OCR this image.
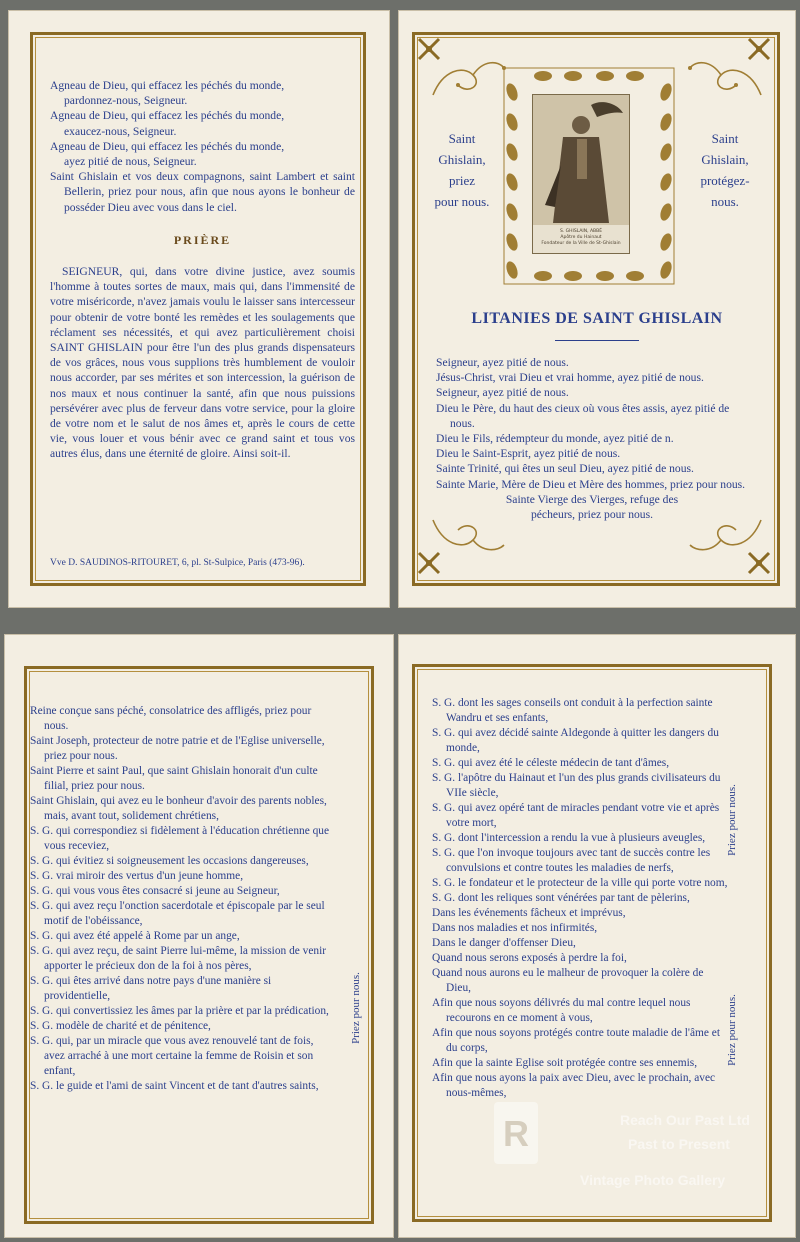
Agneau de Dieu, qui effacez les péchés du monde,

pardonnez-nous, Seigneur.

Agneau de Dieu, qui effacez les péchés du monde,

exaucez-nous, Seigneur.

Agneau de Dieu, qui effacez les péchés du monde,

ayez pitié de nous, Seigneur.

Saint Ghislain et vos deux compagnons, saint Lambert et saint Bellerin, priez pour nous, afin que nous ayons le bonheur de posséder Dieu avec vous dans le ciel.

PRIÈRE

SEIGNEUR, qui, dans votre divine justice, avez soumis l'homme à toutes sortes de maux, mais qui, dans l'immensité de votre miséricorde, n'avez jamais voulu le laisser sans intercesseur pour obtenir de votre bonté les remèdes et les soulagements que réclament ses nécessités, et qui avez particulièrement choisi SAINT GHISLAIN pour être l'un des plus grands dispensateurs de vos grâces, nous vous supplions très humblement de vouloir nous accorder, par ses mérites et son intercession, la guérison de nos maux et nous continuer la santé, afin que nous puissions persévérer avec plus de ferveur dans votre service, pour la gloire de votre nom et le salut de nos âmes et, après le cours de cette vie, vous louer et vous bénir avec ce grand saint et tous vos autres élus, dans une éternité de gloire. Ainsi soit-il.

Vve D. SAUDINOS-RITOURET, 6, pl. St-Sulpice, Paris (473-96).
Saint
Ghislain,
priez
pour nous.
Saint
Ghislain,
protégez-
nous.
S. GHISLAIN, ABBÉ
Apôtre du Hainaut
Fondateur de la Ville de St-Ghislain
LITANIES DE SAINT GHISLAIN

Seigneur, ayez pitié de nous.

Jésus-Christ, vrai Dieu et vrai homme, ayez pitié de nous.

Seigneur, ayez pitié de nous.

Dieu le Père, du haut des cieux où vous êtes assis, ayez pitié de nous.

Dieu le Fils, rédempteur du monde, ayez pitié de n.

Dieu le Saint-Esprit, ayez pitié de nous.

Sainte Trinité, qui êtes un seul Dieu, ayez pitié de nous.

Sainte Marie, Mère de Dieu et Mère des hommes, priez pour nous.

Sainte Vierge des Vierges, refuge des pécheurs, priez pour nous.

Reine conçue sans péché, consolatrice des affligés, priez pour nous.

Saint Joseph, protecteur de notre patrie et de l'Eglise universelle, priez pour nous.

Saint Pierre et saint Paul, que saint Ghislain honorait d'un culte filial, priez pour nous.

Saint Ghislain, qui avez eu le bonheur d'avoir des parents nobles, mais, avant tout, solidement chrétiens,

S. G. qui correspondiez si fidèlement à l'éducation chrétienne que vous receviez,

S. G. qui évitiez si soigneusement les occasions dangereuses,

S. G. vrai miroir des vertus d'un jeune homme,

S. G. qui vous vous êtes consacré si jeune au Seigneur,

S. G. qui avez reçu l'onction sacerdotale et épiscopale par le seul motif de l'obéissance,

S. G. qui avez été appelé à Rome par un ange,

S. G. qui avez reçu, de saint Pierre lui-même, la mission de venir apporter le précieux don de la foi à nos pères,

S. G. qui êtes arrivé dans notre pays d'une manière si providentielle,

S. G. qui convertissiez les âmes par la prière et par la prédication,

S. G. modèle de charité et de pénitence,

S. G. qui, par un miracle que vous avez renouvelé tant de fois, avez arraché à une mort certaine la femme de Roisin et son enfant,

S. G. le guide et l'ami de saint Vincent et de tant d'autres saints,

Priez pour nous.

S. G. dont les sages conseils ont conduit à la perfection sainte Wandru et ses enfants,

S. G. qui avez décidé sainte Aldegonde à quitter les dangers du monde,

S. G. qui avez été le céleste médecin de tant d'âmes,

S. G. l'apôtre du Hainaut et l'un des plus grands civilisateurs du VIIe siècle,

S. G. qui avez opéré tant de miracles pendant votre vie et après votre mort,

S. G. dont l'intercession a rendu la vue à plusieurs aveugles,

S. G. que l'on invoque toujours avec tant de succès contre les convulsions et contre toutes les maladies de nerfs,

S. G. le fondateur et le protecteur de la ville qui porte votre nom,

S. G. dont les reliques sont vénérées par tant de pèlerins,

Dans les événements fâcheux et imprévus,

Dans nos maladies et nos infirmités,

Dans le danger d'offenser Dieu,

Quand nous serons exposés à perdre la foi,

Quand nous aurons eu le malheur de provoquer la colère de Dieu,

Afin que nous soyons délivrés du mal contre lequel nous recourons en ce moment à vous,

Afin que nous soyons protégés contre toute maladie de l'âme et du corps,

Afin que la sainte Eglise soit protégée contre ses ennemis,

Afin que nous ayons la paix avec Dieu, avec le prochain, avec nous-mêmes,

Priez pour nous.
Priez pour nous.
R	Reach Our Past Ltd
Past to Present
Vintage Photo Gallery
